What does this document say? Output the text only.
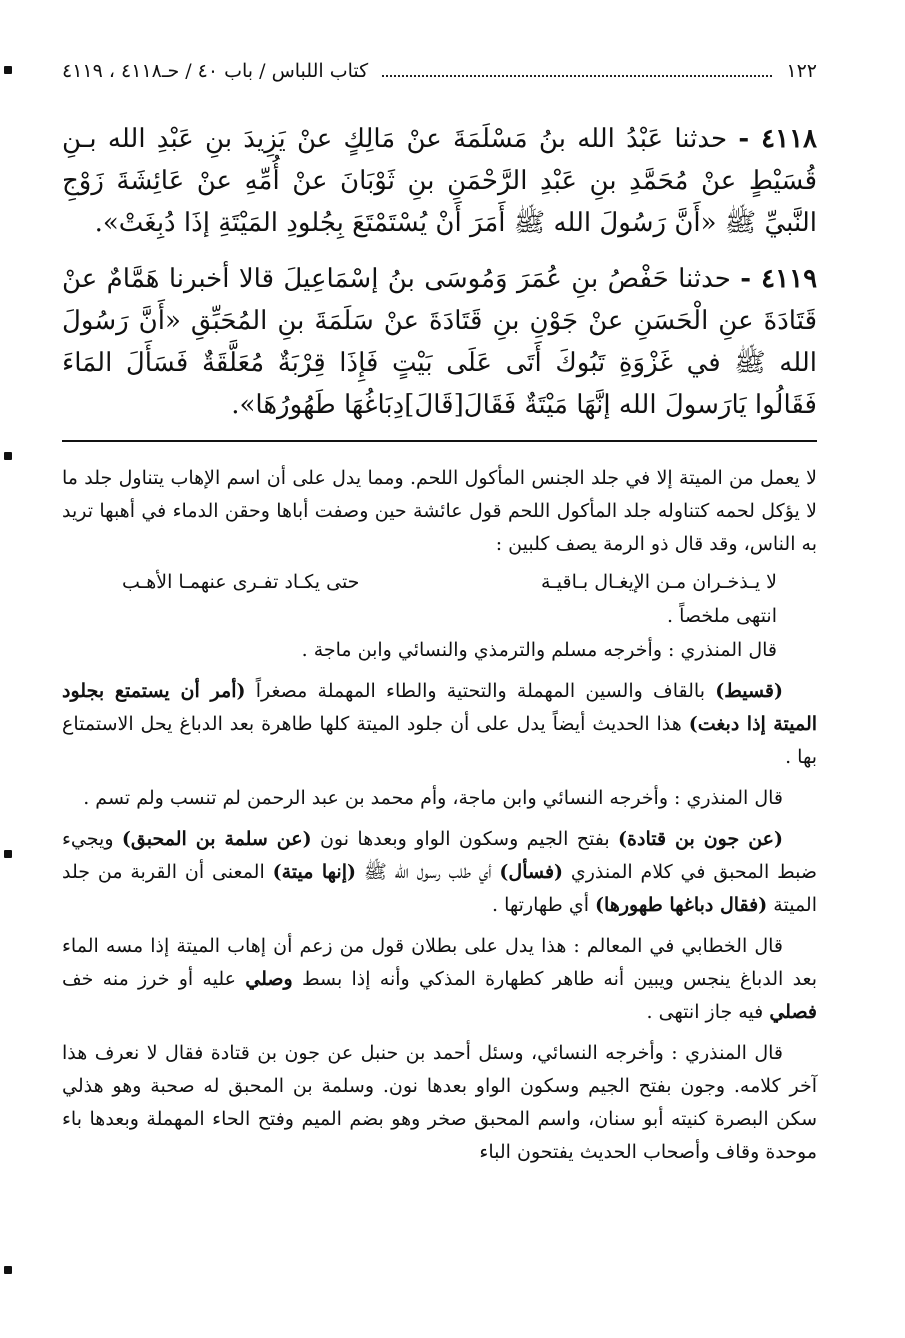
١٢٢
كتاب اللباس / باب ٤٠ / حـ٤١١٨ ، ٤١١٩

٤١١٨ - حدثنا عَبْدُ الله بنُ مَسْلَمَةَ عنْ مَالِكٍ عنْ يَزِيدَ بنِ عَبْدِ الله بـنِ قُسَيْطٍ عنْ مُحَمَّدِ بنِ عَبْدِ الرَّحْمَنِ بنِ ثَوْبَانَ عنْ أُمِّهِ عنْ عَائِشَةَ زَوْجِ النَّبيِّ ﷺ «أَنَّ رَسُولَ الله ﷺ أَمَرَ أَنْ يُسْتَمْتَعَ بِجُلودِ المَيْتَةِ إذَا دُبِغَتْ».

٤١١٩ - حدثنا حَفْصُ بنِ عُمَرَ وَمُوسَى بنُ إسْمَاعِيلَ قالا أخبرنا هَمَّامٌ عنْ قَتَادَةَ عنِ الْحَسَنِ عنْ جَوْنِ بنِ قَتَادَةَ عنْ سَلَمَةَ بنِ المُحَبِّقِ «أَنَّ رَسُولَ الله ﷺ في غَزْوَةِ تَبُوكَ أَتَى عَلَى بَيْتٍ فَإِذَا قِرْبَةٌ مُعَلَّقَةٌ فَسَأَلَ المَاءَ فَقَالُوا يَارَسولَ الله إنَّهَا مَيْتَةٌ فَقَالَ[قَالَ]دِبَاغُهَا طَهُورُهَا».

لا يعمل من الميتة إلا في جلد الجنس المأكول اللحم. ومما يدل على أن اسم الإهاب يتناول جلد ما لا يؤكل لحمه كتناوله جلد المأكول اللحم قول عائشة حين وصفت أباها وحقن الدماء في أهبها تريد به الناس، وقد قال ذو الرمة يصف كلبين :

لا يـذخـران مـن الإيغـال بـاقيـة
حتى يكـاد تفـرى عنهمـا الأهـب

انتهى ملخصاً .

قال المنذري : وأخرجه مسلم والترمذي والنسائي وابن ماجة .

(قسيط) بالقاف والسين المهملة والتحتية والطاء المهملة مصغراً (أمر أن يستمتع بجلود الميتة إذا دبغت) هذا الحديث أيضاً يدل على أن جلود الميتة كلها طاهرة بعد الدباغ يحل الاستمتاع بها .

قال المنذري : وأخرجه النسائي وابن ماجة، وأم محمد بن عبد الرحمن لم تنسب ولم تسم .

(عن جون بن قتادة) بفتح الجيم وسكون الواو وبعدها نون (عن سلمة بن المحبق) ويجيء ضبط المحبق في كلام المنذري (فسأل) أي طلب رسول الله ﷺ (إنها ميتة) المعنى أن القربة من جلد الميتة (فقال دباغها طهورها) أي طهارتها .

قال الخطابي في المعالم : هذا يدل على بطلان قول من زعم أن إهاب الميتة إذا مسه الماء بعد الدباغ ينجس ويبين أنه طاهر كطهارة المذكي وأنه إذا بسط وصلي عليه أو خرز منه خف فصلي فيه جاز انتهى .

قال المنذري : وأخرجه النسائي، وسئل أحمد بن حنبل عن جون بن قتادة فقال لا نعرف هذا آخر كلامه. وجون بفتح الجيم وسكون الواو بعدها نون. وسلمة بن المحبق له صحبة وهو هذلي سكن البصرة كنيته أبو سنان، واسم المحبق صخر وهو بضم الميم وفتح الحاء المهملة وبعدها باء موحدة وقاف وأصحاب الحديث يفتحون الباء
